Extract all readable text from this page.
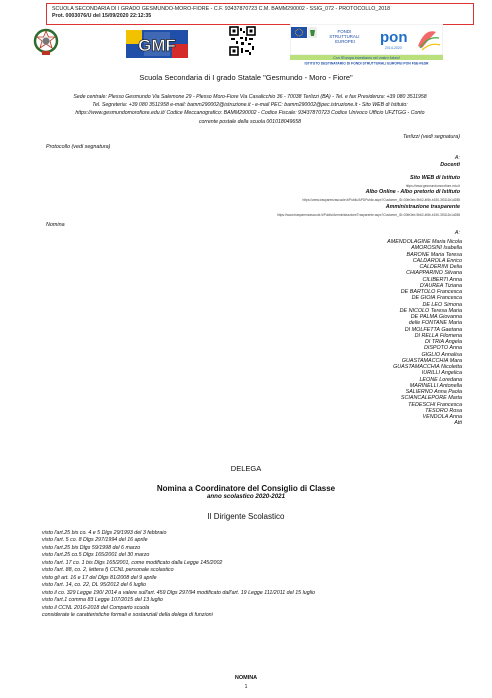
SCUOLA SECONDARIA DI I GRADO GESMUNDO-MORO-FIORE - C.F. 93437870723 C.M. BAMM290002 - SSIG_072 - PROTOCOLLO_2018
Prot. 0003076/U del 15/09/2020 22:12:35
GMF
FONDI STRUTTURALI EUROPEI	pon
2014-2020
Con l'Europa investiamo nel vostro futuro!
ISTITUTO DESTINATARIO DI FONDI STRUTTURALI EUROPEI PON FSE-FESR
Scuola Secondaria di I grado Statale "Gesmundo - Moro - Fiore"
Sede centrale: Plesso Gesmundo Via Salemone 29 - Plesso Moro-Fiore Via Casalicchio 36 - 70038 Terlizzi (BA) - Tel. e fax Presidenza: +39 080 3511958
Tel. Segreteria: +39 080 3511958 e-mail: bamm290002@istruzione.it - e-mail PEC: bamm290002@pec.istruzione.it - Sito WEB di Istituto:
https://www.gesmundomorofiore.edu.it/ Codice Meccanografico: BAMM290002 - Codice Fiscale: 93437870723 Codice Univoco Ufficio UFZTGG - Conto
corrente postale della scuola 001018049658
Terlizzi (vedi segnatura)
Protocollo (vedi segnatura)
A:
Docenti
Sito WEB di Istituto
https://www.gesmundomorofiore.edu.it
Albo Online - Albo pretorio di Istituto
https://www.trasparenzascuole.it/Public/APDPublic.aspx?Customer_ID=30fe3eb-9b62-4f6b-b150-3f3111b1d288
Amministrazione trasparente
https://www.trasparenzascuole.it/Public/AmministrazioneTrasparente.aspx?Customer_ID=30fe3eb-9b62-4f6b-b150-3f3111b1d288
Nomina
A:
AMENDOLAGINE Maria Nicola
AMOROSINI Isabella
BARONE Maria Teresa
CALDAROLA Enrico
CALDERINI Delia
CHIAPPARINO Silvana
CILIBERTI Anna
D'AUREA Tiziana
DE BARTOLO Francesca
DE GIOIA Francesca
DE LEO Simona
DE NICOLO Teresa Maria
DE PALMA Giovanna
delle FONTANE Maria
DI MOLFETTA Gaetana
DI RELLA Filomena
DI TRIA Angela
DISPOTO Anna
GIGLIO Annalisa
GUASTAMACCHIA Mara
GUASTAMACCHIA Nicoletta
IURILLI Angelica
LEONE Loredana
MARINELLI Antonella
SALIERNO Anna Paola
SCIANCALEPORE Marta
TEDESCHI Francesca
TESORO Rosa
VENDOLA Anna
Atti
DELEGA
Nomina a Coordinatore del Consiglio di Classe
anno scolastico 2020-2021
Il Dirigente Scolastico
visto l'art.25 bis co. 4 e 5 Dlgs 29/1993 del 3 febbraio
visto l'art. 5 co. 8 Dlgs 297/1994 del 16 aprile
visto l'art.25 bis Dlgs 59/1998 del 6 marzo
visto l'art.25 co.5 Dlgs 165/2001 del 30 marzo
visto l'art. 17 co. 1 bis Dlgs 165/2001, come modificato dalla Legge 145/2002
visto l'art. 88, co. 2, lettera f) CCNL personale scolastico
visto gli art. 16 e 17 del Dlgs 81/2008 del 9 aprile
visto l'art. 14, co. 22, DL 95/2012 del 6 luglio
visto il co. 329 Legge 190/ 2014 a valere sull'art. 459 Dlgs 297/94 modificato dall'art. 19 Legge 111/2011 del 15 luglio
visto l'art.1 comma 83 Legge 107/2015 del 13 luglio
visto il CCNL 2016-2018 del Comparto scuola
considerate le caratteristiche formali e sostanziali della delega di funzioni
NOMINA
1
